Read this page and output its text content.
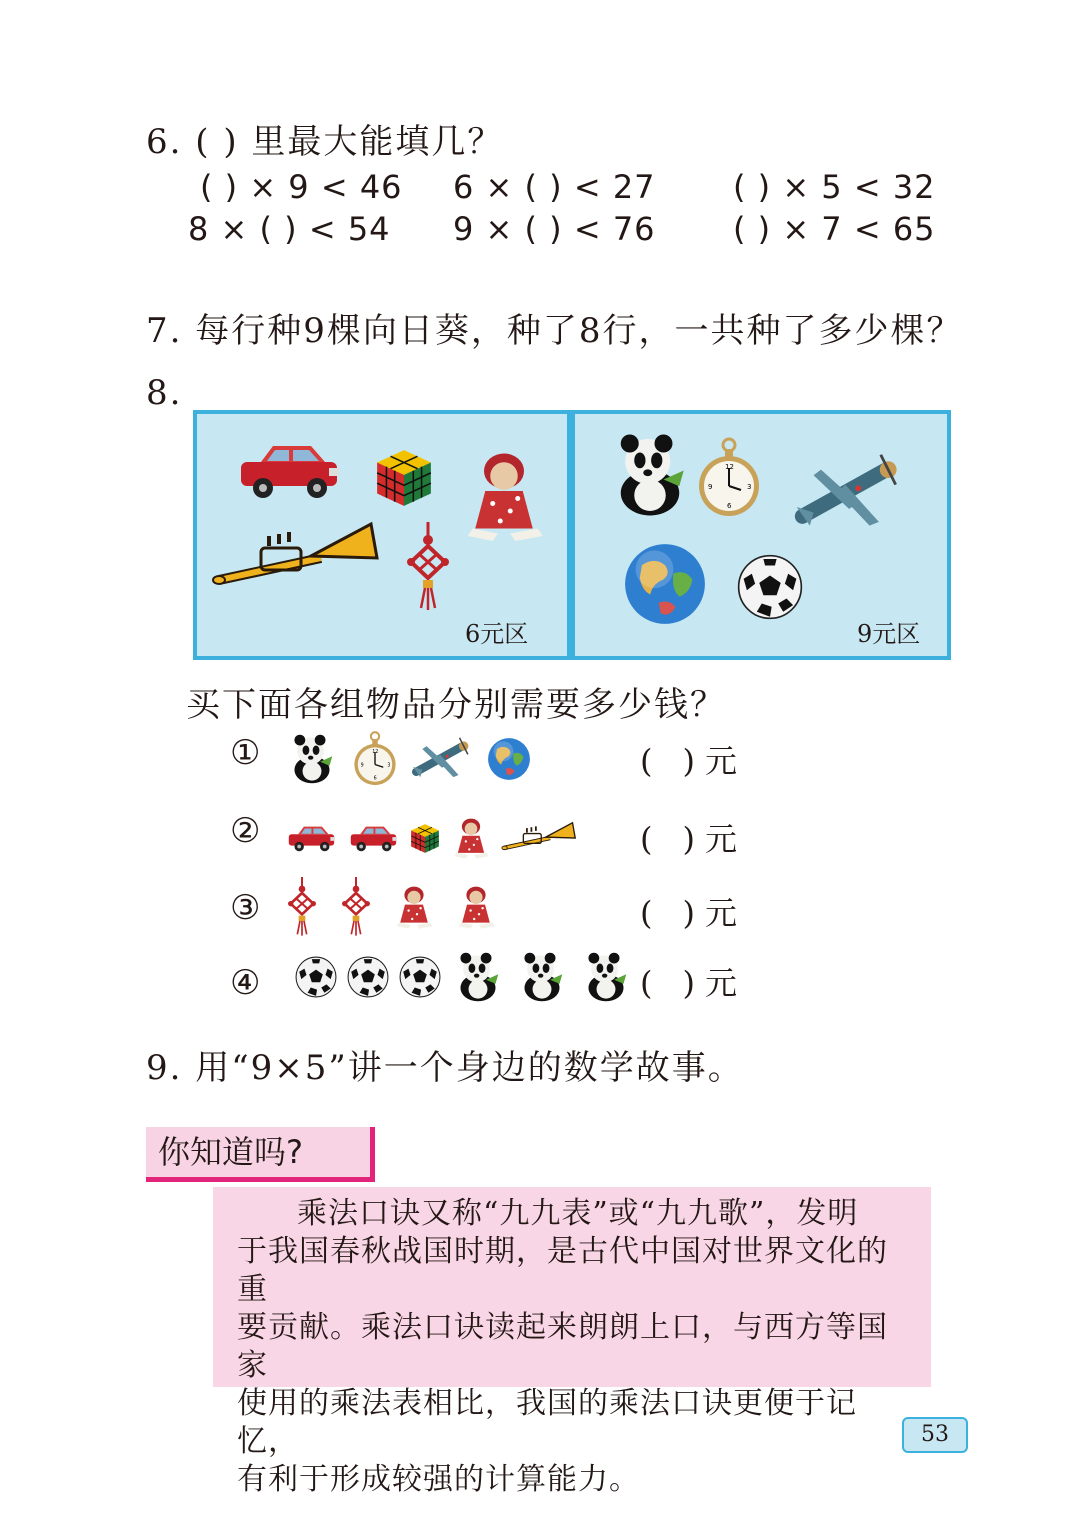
6. ( ) 里最大能填几？
( ) × 9 < 46 6 × ( ) < 27 ( ) × 5 < 32
8 × ( ) < 54 9 × ( ) < 76 ( ) × 7 < 65
7. 每行种9棵向日葵，种了8行，一共种了多少棵？
8.
6元区	9元区
买下面各组物品分别需要多少钱？
①	( ) 元
②	( ) 元
③	( ) 元
④	( ) 元
9. 用“9×5”讲一个身边的数学故事。
你知道吗?

乘法口诀又称“九九表”或“九九歌”，发明

于我国春秋战国时期，是古代中国对世界文化的重
要贡献。乘法口诀读起来朗朗上口，与西方等国家
使用的乘法表相比，我国的乘法口诀更便于记忆，
有利于形成较强的计算能力。
53
